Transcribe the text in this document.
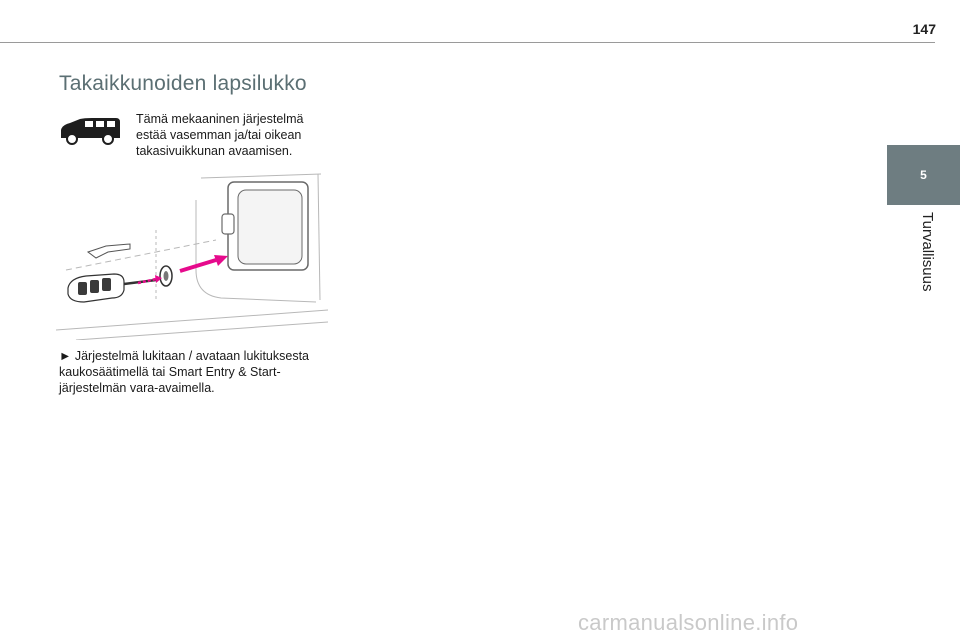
147
Takaikkunoiden lapsilukko
Tämä mekaaninen järjestelmä
estää vasemman ja/tai oikean
takasivuikkunan avaamisen.
► Järjestelmä lukitaan / avataan lukituksesta
kaukosäätimellä tai Smart Entry & Start-
järjestelmän vara-avaimella.
5
Turvallisuus
carmanualsonline.info
